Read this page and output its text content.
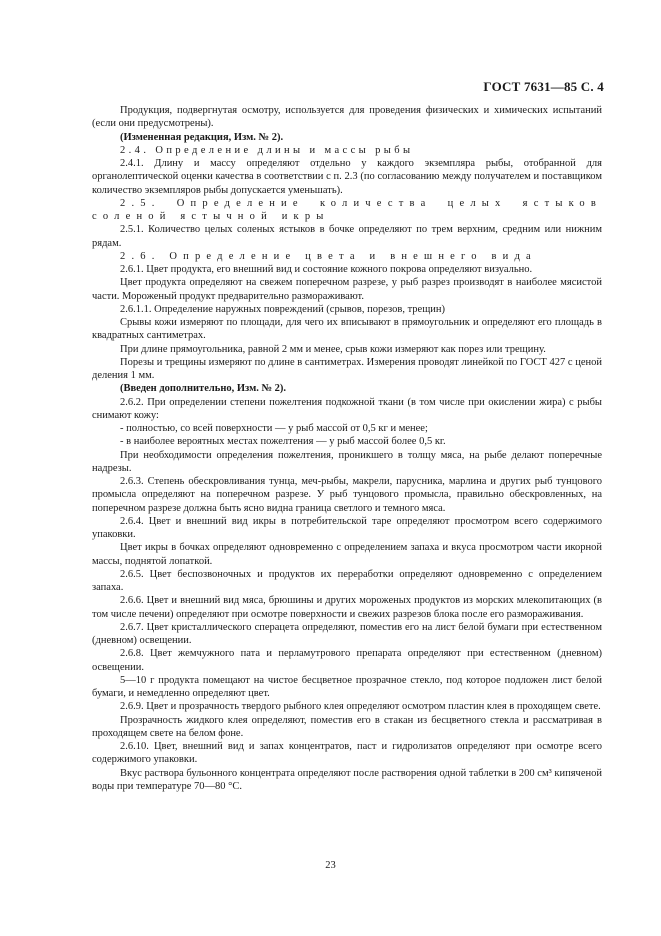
ГОСТ 7631—85 С. 4

Продукция, подвергнутая осмотру, используется для проведения физических и химических испытаний (если они предусмотрены).

(Измененная редакция, Изм. № 2).

2.4. Определение длины и массы рыбы

2.4.1. Длину и массу определяют отдельно у каждого экземпляра рыбы, отобранной для органолептической оценки качества в соответствии с п. 2.3 (по согласованию между получателем и поставщиком количество экземпляров рыбы допускается уменьшать).

2.5. Определение количества целых ястыков соленой ястычной икры

2.5.1. Количество целых соленых ястыков в бочке определяют по трем верхним, средним или нижним рядам.

2.6. Определение цвета и внешнего вида

2.6.1. Цвет продукта, его внешний вид и состояние кожного покрова определяют визуально.

Цвет продукта определяют на свежем поперечном разрезе, у рыб разрез производят в наиболее мясистой части. Мороженый продукт предварительно размораживают.

2.6.1.1. Определение наружных повреждений (срывов, порезов, трещин)

Срывы кожи измеряют по площади, для чего их вписывают в прямоугольник и определяют его площадь в квадратных сантиметрах.

При длине прямоугольника, равной 2 мм и менее, срыв кожи измеряют как порез или трещину.

Порезы и трещины измеряют по длине в сантиметрах. Измерения проводят линейкой по ГОСТ 427 с ценой деления 1 мм.

(Введен дополнительно, Изм. № 2).

2.6.2. При определении степени пожелтения подкожной ткани (в том числе при окислении жира) с рыбы снимают кожу:

- полностью, со всей поверхности — у рыб массой от 0,5 кг и менее;

- в наиболее вероятных местах пожелтения — у рыб массой более 0,5 кг.

При необходимости определения пожелтения, проникшего в толщу мяса, на рыбе делают поперечные надрезы.

2.6.3. Степень обескровливания тунца, меч-рыбы, макрели, парусника, марлина и других рыб тунцового промысла определяют на поперечном разрезе. У рыб тунцового промысла, правильно обескровленных, на поперечном разрезе должна быть ясно видна граница светлого и темного мяса.

2.6.4. Цвет и внешний вид икры в потребительской таре определяют просмотром всего содержимого упаковки.

Цвет икры в бочках определяют одновременно с определением запаха и вкуса просмотром части икорной массы, поднятой лопаткой.

2.6.5. Цвет беспозвоночных и продуктов их переработки определяют одновременно с определением запаха.

2.6.6. Цвет и внешний вид мяса, брюшины и других мороженых продуктов из морских млекопитающих (в том числе печени) определяют при осмотре поверхности и свежих разрезов блока после его размораживания.

2.6.7. Цвет кристаллического сперацета определяют, поместив его на лист белой бумаги при естественном (дневном) освещении.

2.6.8. Цвет жемчужного пата и перламутрового препарата определяют при естественном (дневном) освещении.

5—10 г продукта помещают на чистое бесцветное прозрачное стекло, под которое подложен лист белой бумаги, и немедленно определяют цвет.

2.6.9. Цвет и прозрачность твердого рыбного клея определяют осмотром пластин клея в проходящем свете.

Прозрачность жидкого клея определяют, поместив его в стакан из бесцветного стекла и рассматривая в проходящем свете на белом фоне.

2.6.10. Цвет, внешний вид и запах концентратов, паст и гидролизатов определяют при осмотре всего содержимого упаковки.

Вкус раствора бульонного концентрата определяют после растворения одной таблетки в 200 см³ кипяченой воды при температуре 70—80 °С.

23
